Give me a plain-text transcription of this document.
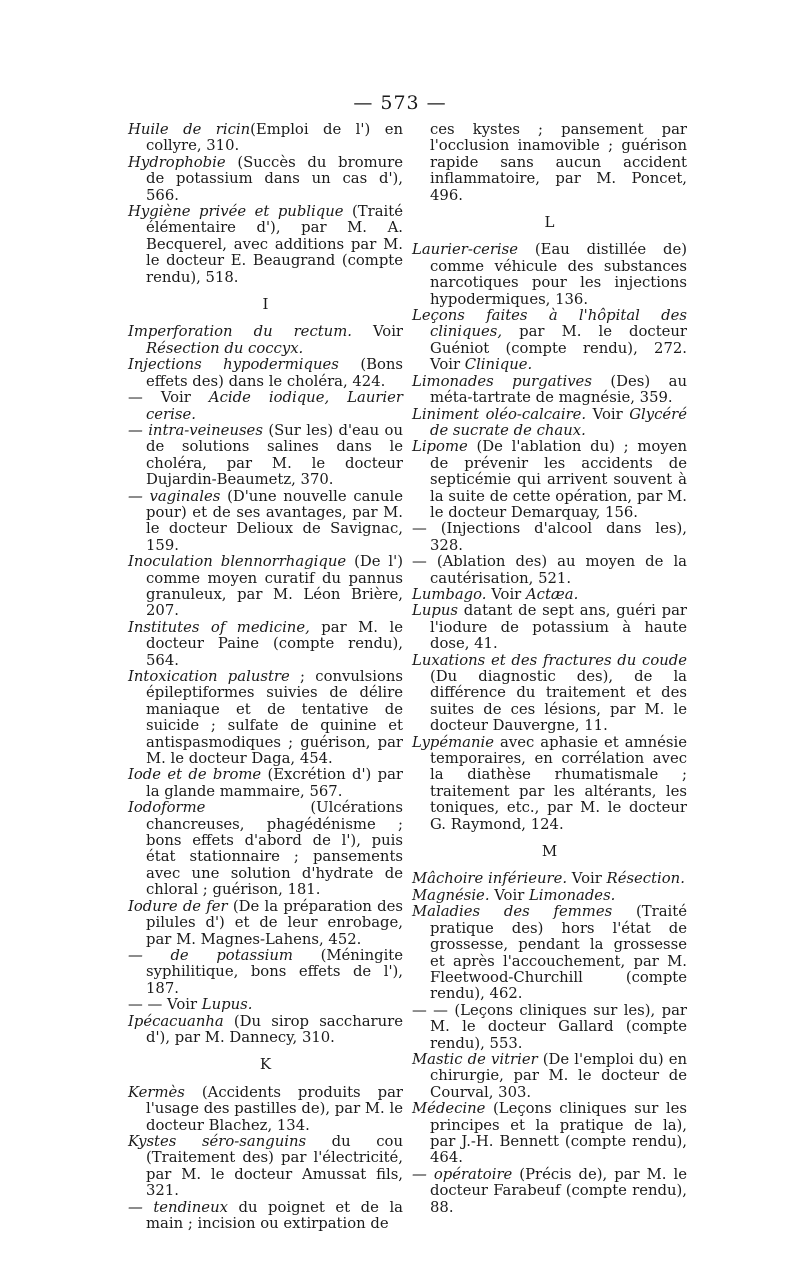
— 573 —

Huile de ricin(Emploi de l') en collyre, 310.

Hydrophobie (Succès du bromure de potassium dans un cas d'), 566.

Hygiène privée et publique (Traité élémentaire d'), par M. A. Becquerel, avec additions par M. le docteur E. Beaugrand (compte rendu), 518.

I

Imperforation du rectum. Voir Résection du coccyx.

Injections hypodermiques (Bons effets des) dans le choléra, 424.

— Voir Acide iodique, Laurier cerise.

— intra-veineuses (Sur les) d'eau ou de solutions salines dans le choléra, par M. le docteur Dujardin-Beaumetz, 370.

— vaginales (D'une nouvelle canule pour) et de ses avantages, par M. le docteur Delioux de Savignac, 159.

Inoculation blennorrhagique (De l') comme moyen curatif du pannus granuleux, par M. Léon Brière, 207.

Institutes of medicine, par M. le docteur Paine (compte rendu), 564.

Intoxication palustre ; convulsions épileptiformes suivies de délire maniaque et de tentative de suicide ; sulfate de quinine et antispasmodiques ; guérison, par M. le docteur Daga, 454.

Iode et de brome (Excrétion d') par la glande mammaire, 567.

Iodoforme (Ulcérations chancreuses, phagédénisme ; bons effets d'abord de l'), puis état stationnaire ; pansements avec une solution d'hydrate de chloral ; guérison, 181.

Iodure de fer (De la préparation des pilules d') et de leur enrobage, par M. Magnes-Lahens, 452.

— de potassium (Méningite syphilitique, bons effets de l'), 187.

— — Voir Lupus.

Ipécacuanha (Du sirop saccharure d'), par M. Dannecy, 310.

K

Kermès (Accidents produits par l'usage des pastilles de), par M. le docteur Blachez, 134.

Kystes séro-sanguins du cou (Traitement des) par l'électricité, par M. le docteur Amussat fils, 321.

— tendineux du poignet et de la main ; incision ou extirpation de

ces kystes ; pansement par l'occlusion inamovible ; guérison rapide sans aucun accident inflammatoire, par M. Poncet, 496.

L

Laurier-cerise (Eau distillée de) comme véhicule des substances narcotiques pour les injections hypodermiques, 136.

Leçons faites à l'hôpital des cliniques, par M. le docteur Guéniot (compte rendu), 272. Voir Clinique.

Limonades purgatives (Des) au méta-tartrate de magnésie, 359.

Liniment oléo-calcaire. Voir Glycéré de sucrate de chaux.

Lipome (De l'ablation du) ; moyen de prévenir les accidents de septicémie qui arrivent souvent à la suite de cette opération, par M. le docteur Demarquay, 156.

— (Injections d'alcool dans les), 328.

— (Ablation des) au moyen de la cautérisation, 521.

Lumbago. Voir Actæa.

Lupus datant de sept ans, guéri par l'iodure de potassium à haute dose, 41.

Luxations et des fractures du coude (Du diagnostic des), de la différence du traitement et des suites de ces lésions, par M. le docteur Dauvergne, 11.

Lypémanie avec aphasie et amnésie temporaires, en corrélation avec la diathèse rhumatismale ; traitement par les altérants, les toniques, etc., par M. le docteur G. Raymond, 124.

M

Mâchoire inférieure. Voir Résection.

Magnésie. Voir Limonades.

Maladies des femmes (Traité pratique des) hors l'état de grossesse, pendant la grossesse et après l'accouchement, par M. Fleetwood-Churchill (compte rendu), 462.

— — (Leçons cliniques sur les), par M. le docteur Gallard (compte rendu), 553.

Mastic de vitrier (De l'emploi du) en chirurgie, par M. le docteur de Courval, 303.

Médecine (Leçons cliniques sur les principes et la pratique de la), par J.-H. Bennett (compte rendu), 464.

— opératoire (Précis de), par M. le docteur Farabeuf (compte rendu), 88.
